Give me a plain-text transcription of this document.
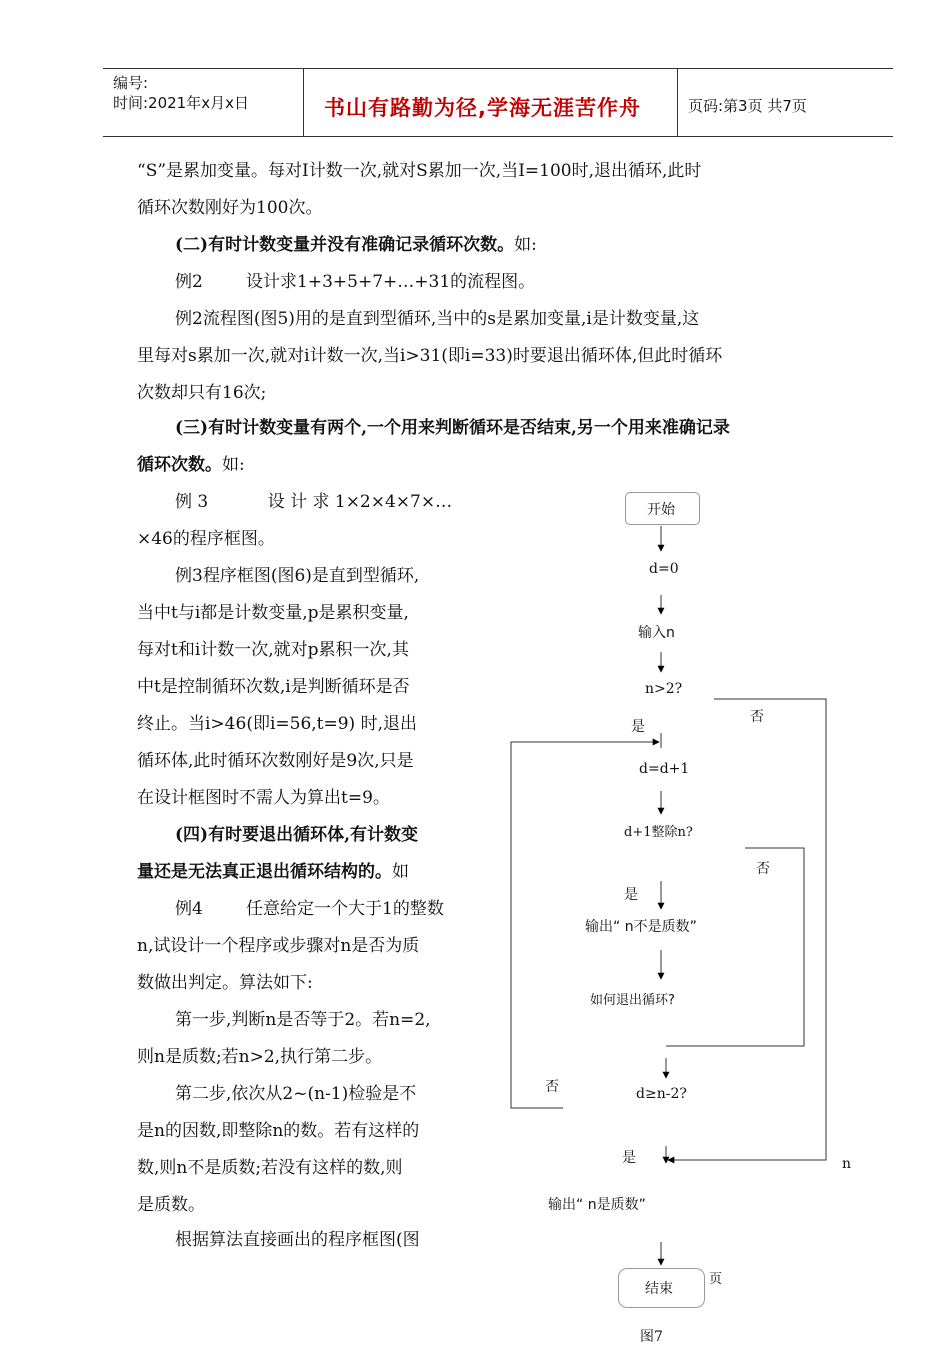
编号:
时间:2021年x月x日	书山有路勤为径,学海无涯苦作舟	页码:第3页 共7页
“S”是累加变量。每对I计数一次,就对S累加一次,当I=100时,退出循环,此时
循环次数刚好为100次。
(二)有时计数变量并没有准确记录循环次数。如:
例2        设计求1+3+5+7+…+31的流程图。
例2流程图(图5)用的是直到型循环,当中的s是累加变量,i是计数变量,这
里每对s累加一次,就对i计数一次,当i>31(即i=33)时要退出循环体,但此时循环
次数却只有16次;
(三)有时计数变量有两个,一个用来判断循环是否结束,另一个用来准确记录
循环次数。如:
例 3           设 计 求 1×2×4×7×…
×46的程序框图。
例3程序框图(图6)是直到型循环,
当中t与i都是计数变量,p是累积变量,
每对t和i计数一次,就对p累积一次,其
中t是控制循环次数,i是判断循环是否
终止。当i>46(即i=56,t=9) 时,退出
循环体,此时循环次数刚好是9次,只是
在设计框图时不需人为算出t=9。
(四)有时要退出循环体,有计数变
量还是无法真正退出循环结构的。如
例4        任意给定一个大于1的整数
n,试设计一个程序或步骤对n是否为质
数做出判定。算法如下:
第一步,判断n是否等于2。若n=2,
则n是质数;若n>2,执行第二步。
第二步,依次从2~(n-1)检验是不
是n的因数,即整除n的数。若有这样的
数,则n不是质数;若没有这样的数,则
是质数。
根据算法直接画出的程序框图(图
开始
d=0
输入n
n>2?
否
是
d=d+1
d+1整除n?
否
是
输出“ n不是质数”
如何退出循环?
否	d≥n-2?
是	n
输出“ n是质数”
结束
页
图7
